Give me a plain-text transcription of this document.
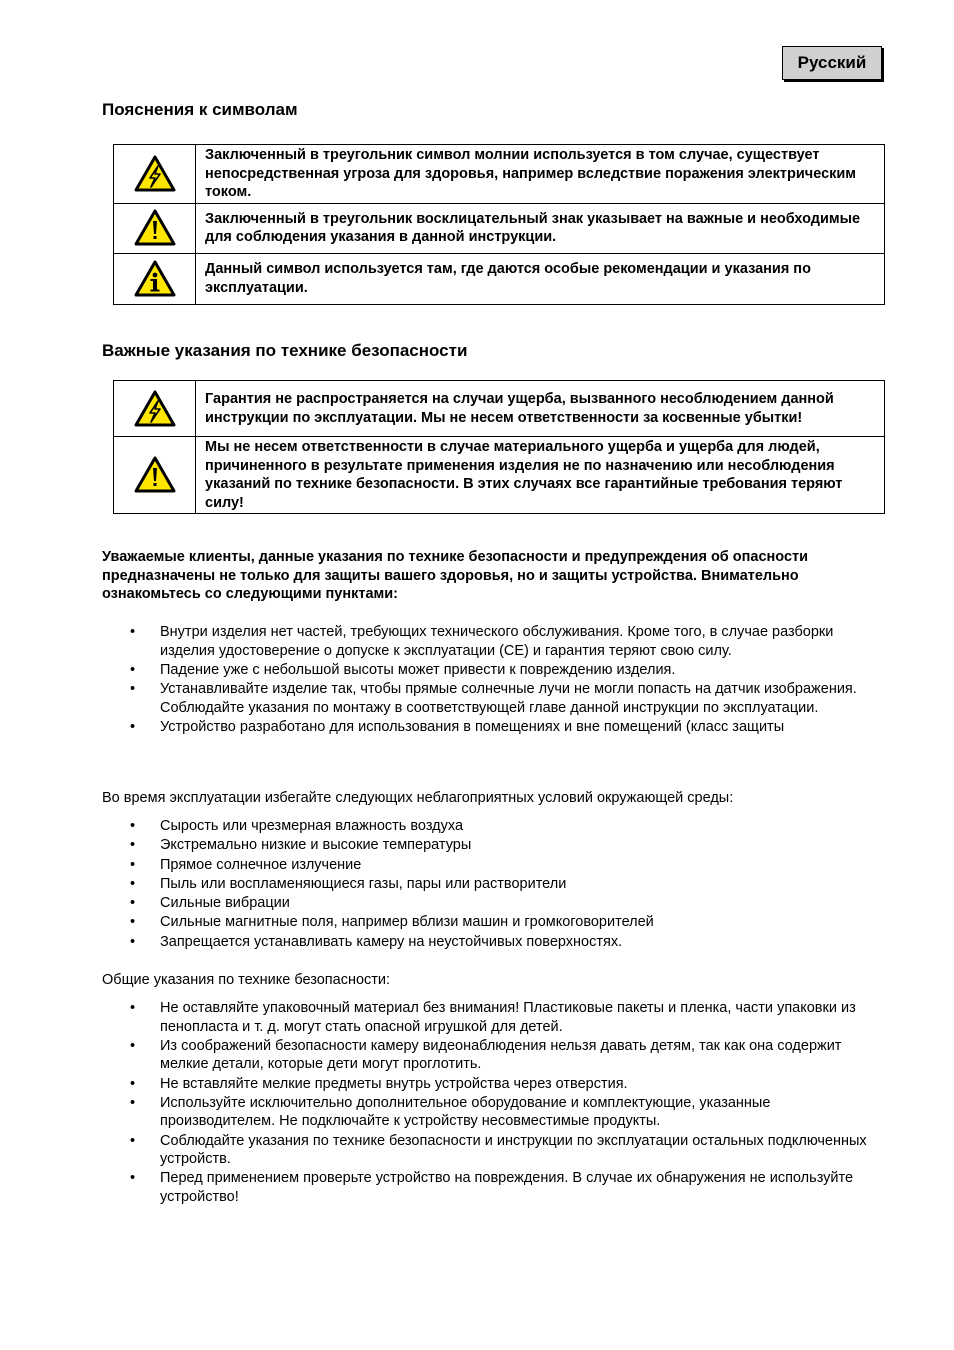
Русский
Пояснения к символам
	Заключенный в треугольник символ молнии используется в том случае, существует непосредственная угроза для здоровья, например вследствие поражения электрическим током.

	Заключенный в треугольник восклицательный знак указывает на важные и необходимые для соблюдения указания в данной инструкции.

	Данный символ используется там, где даются особые рекомендации и указания по эксплуатации.
Важные указания по технике безопасности
	Гарантия не распространяется на случаи ущерба, вызванного несоблюдением данной инструкции по эксплуатации. Мы не несем ответственности за косвенные убытки!

	Мы не несем ответственности в случае материального ущерба и ущерба для людей, причиненного в результате применения изделия не по назначению или несоблюдения указаний по технике безопасности. В этих случаях все гарантийные требования теряют силу!

Уважаемые клиенты, данные указания по технике безопасности и предупреждения об опасности предназначены не только для защиты вашего здоровья, но и защиты устройства. Внимательно ознакомьтесь со следующими пунктами:

• Внутри изделия нет частей, требующих технического обслуживания. Кроме того, в случае разборки изделия удостоверение о допуске к эксплуатации (CE) и гарантия теряют свою силу.
• Падение уже с небольшой высоты может привести к повреждению изделия.
• Устанавливайте изделие так, чтобы прямые солнечные лучи не могли попасть на датчик изображения. Соблюдайте указания по монтажу в соответствующей главе данной инструкции по эксплуатации.
• Устройство разработано для использования в помещениях и вне помещений (класс защиты

Во время эксплуатации избегайте следующих неблагоприятных условий окружающей среды:

• Сырость или чрезмерная влажность воздуха
• Экстремально низкие и высокие температуры
• Прямое солнечное излучение
• Пыль или воспламеняющиеся газы, пары или растворители
• Сильные вибрации
• Сильные магнитные поля, например вблизи машин и громкоговорителей
• Запрещается устанавливать камеру на неустойчивых поверхностях.

Общие указания по технике безопасности:

• Не оставляйте упаковочный материал без внимания! Пластиковые пакеты и пленка, части упаковки из пенопласта и т. д. могут стать опасной игрушкой для детей.
• Из соображений безопасности камеру видеонаблюдения нельзя давать детям, так как она содержит мелкие детали, которые дети могут проглотить.
• Не вставляйте мелкие предметы внутрь устройства через отверстия.
• Используйте исключительно дополнительное оборудование и комплектующие, указанные производителем. Не подключайте к устройству несовместимые продукты.
• Соблюдайте указания по технике безопасности и инструкции по эксплуатации остальных подключенных устройств.
• Перед применением проверьте устройство на повреждения. В случае их обнаружения не используйте устройство!
